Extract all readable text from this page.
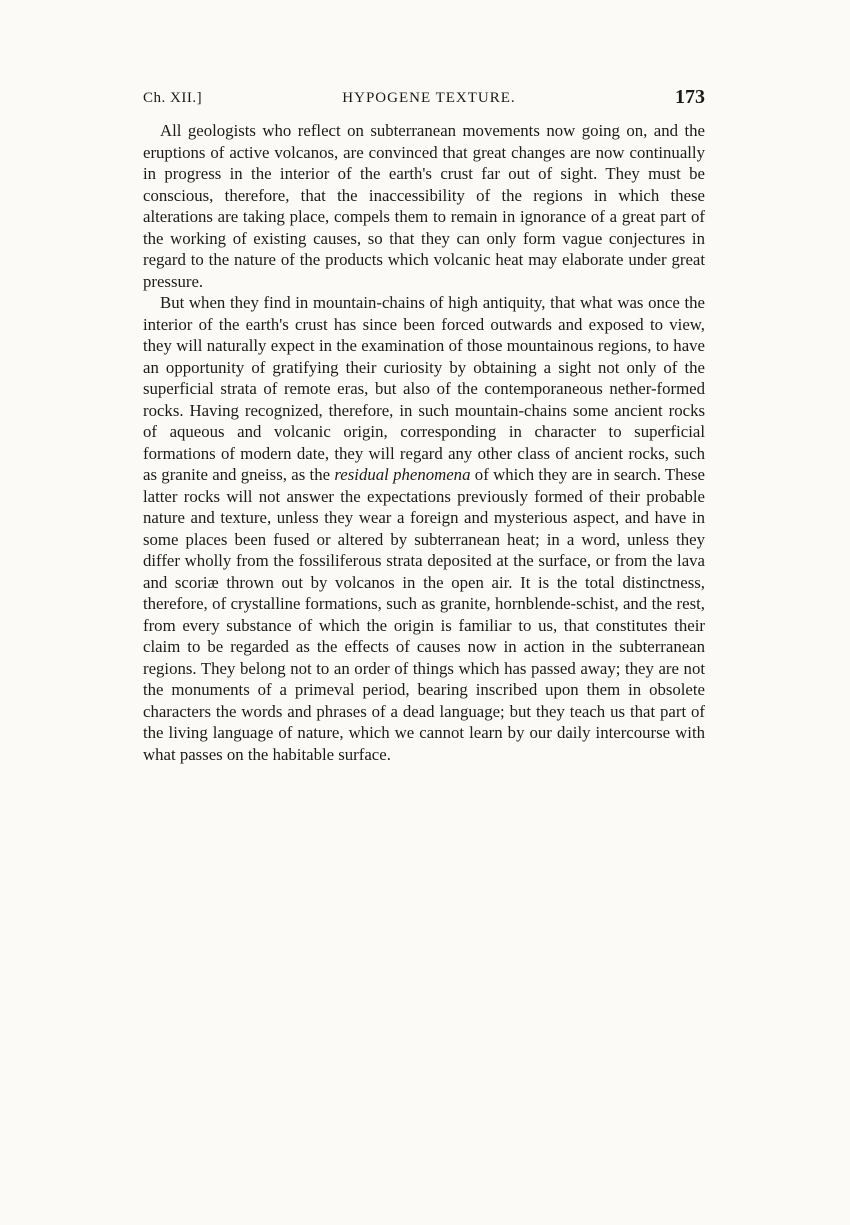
Ch. XII.]	HYPOGENE TEXTURE.	173

All geologists who reflect on subterranean movements now going on, and the eruptions of active volcanos, are convinced that great changes are now continually in progress in the interior of the earth's crust far out of sight. They must be conscious, therefore, that the inaccessibility of the regions in which these alterations are taking place, compels them to remain in ignorance of a great part of the working of existing causes, so that they can only form vague conjectures in regard to the nature of the products which volcanic heat may elaborate under great pressure.

But when they find in mountain-chains of high antiquity, that what was once the interior of the earth's crust has since been forced outwards and exposed to view, they will naturally expect in the examination of those mountainous regions, to have an opportunity of gratifying their curiosity by obtaining a sight not only of the superficial strata of remote eras, but also of the contemporaneous nether-formed rocks. Having recognized, therefore, in such mountain-chains some ancient rocks of aqueous and volcanic origin, corresponding in character to superficial formations of modern date, they will regard any other class of ancient rocks, such as granite and gneiss, as the residual phenomena of which they are in search. These latter rocks will not answer the expectations previously formed of their probable nature and texture, unless they wear a foreign and mysterious aspect, and have in some places been fused or altered by subterranean heat; in a word, unless they differ wholly from the fossiliferous strata deposited at the surface, or from the lava and scoriæ thrown out by volcanos in the open air. It is the total distinctness, therefore, of crystalline formations, such as granite, hornblende-schist, and the rest, from every substance of which the origin is familiar to us, that constitutes their claim to be regarded as the effects of causes now in action in the subterranean regions. They belong not to an order of things which has passed away; they are not the monuments of a primeval period, bearing inscribed upon them in obsolete characters the words and phrases of a dead language; but they teach us that part of the living language of nature, which we cannot learn by our daily intercourse with what passes on the habitable surface.
